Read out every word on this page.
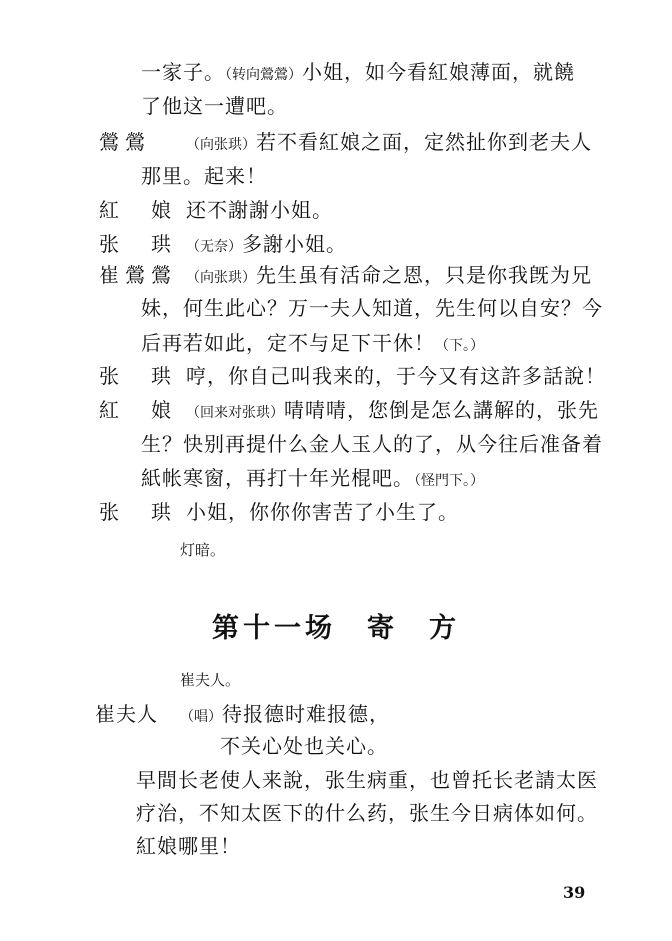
一家子。（转向鶯鶯）小姐，如今看紅娘薄面，就饒
了他这一遭吧。
鶯鶯	（向张珙）若不看紅娘之面，定然扯你到老夫人
那里。起来！
紅　娘 还不謝謝小姐。
张　珙 （无奈）多謝小姐。
崔鶯鶯 （向张珙）先生虽有活命之恩，只是你我旣为兄
妹，何生此心？万一夫人知道，先生何以自安？今
后再若如此，定不与足下干休！（下。）
张　珙 哼，你自己叫我来的，于今又有这許多話說！
紅　娘 （回来对张珙）啨啨啨，您倒是怎么講解的，张先
生？快别再提什么金人玉人的了，从今往后准备着
紙帐寒窗，再打十年光棍吧。（怪門下。）
张　珙 小姐，你你你害苦了小生了。
灯暗。
第十一场　寄　方
崔夫人。
崔夫人 （唱）待报德时难报德，
不关心处也关心。
早間长老使人来說，张生病重，也曾托长老請太医
疗治，不知太医下的什么药，张生今日病体如何。
紅娘哪里！
39
